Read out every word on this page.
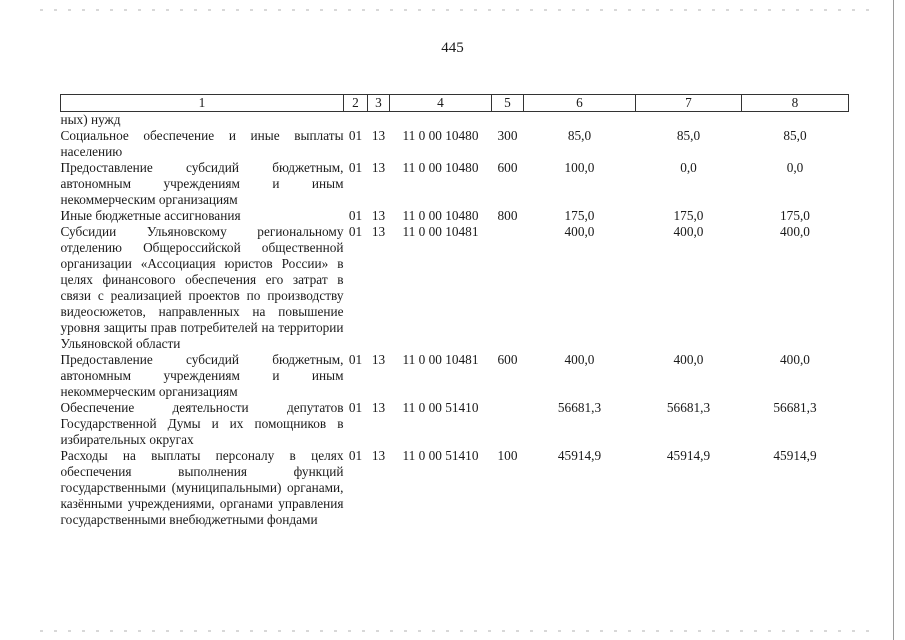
445
1	2	3	4	5	6	7	8
ных) нужд							
Социальное обеспечение и иные выплаты населению	01	13	11 0 00 10480	300	85,0	85,0	85,0
Предоставление субсидий бюджетным, автономным учреждениям и иным некоммерческим организациям	01	13	11 0 00 10480	600	100,0	0,0	0,0
Иные бюджетные ассигнования	01	13	11 0 00 10480	800	175,0	175,0	175,0
Субсидии Ульяновскому региональному отделению Общероссийской общественной организации «Ассоциация юристов России» в целях финансового обеспечения его затрат в связи с реализацией проектов по производству видеосюжетов, направленных на повышение уровня защиты прав потребителей на территории Ульяновской области	01	13	11 0 00 10481		400,0	400,0	400,0
Предоставление субсидий бюджетным, автономным учреждениям и иным некоммерческим организациям	01	13	11 0 00 10481	600	400,0	400,0	400,0
Обеспечение деятельности депутатов Государственной Думы и их помощников в избирательных округах	01	13	11 0 00 51410		56681,3	56681,3	56681,3
Расходы на выплаты персоналу в целях обеспечения выполнения функций государственными (муниципальными) органами, казёнными учреждениями, органами управления государственными внебюджетными фондами	01	13	11 0 00 51410	100	45914,9	45914,9	45914,9
